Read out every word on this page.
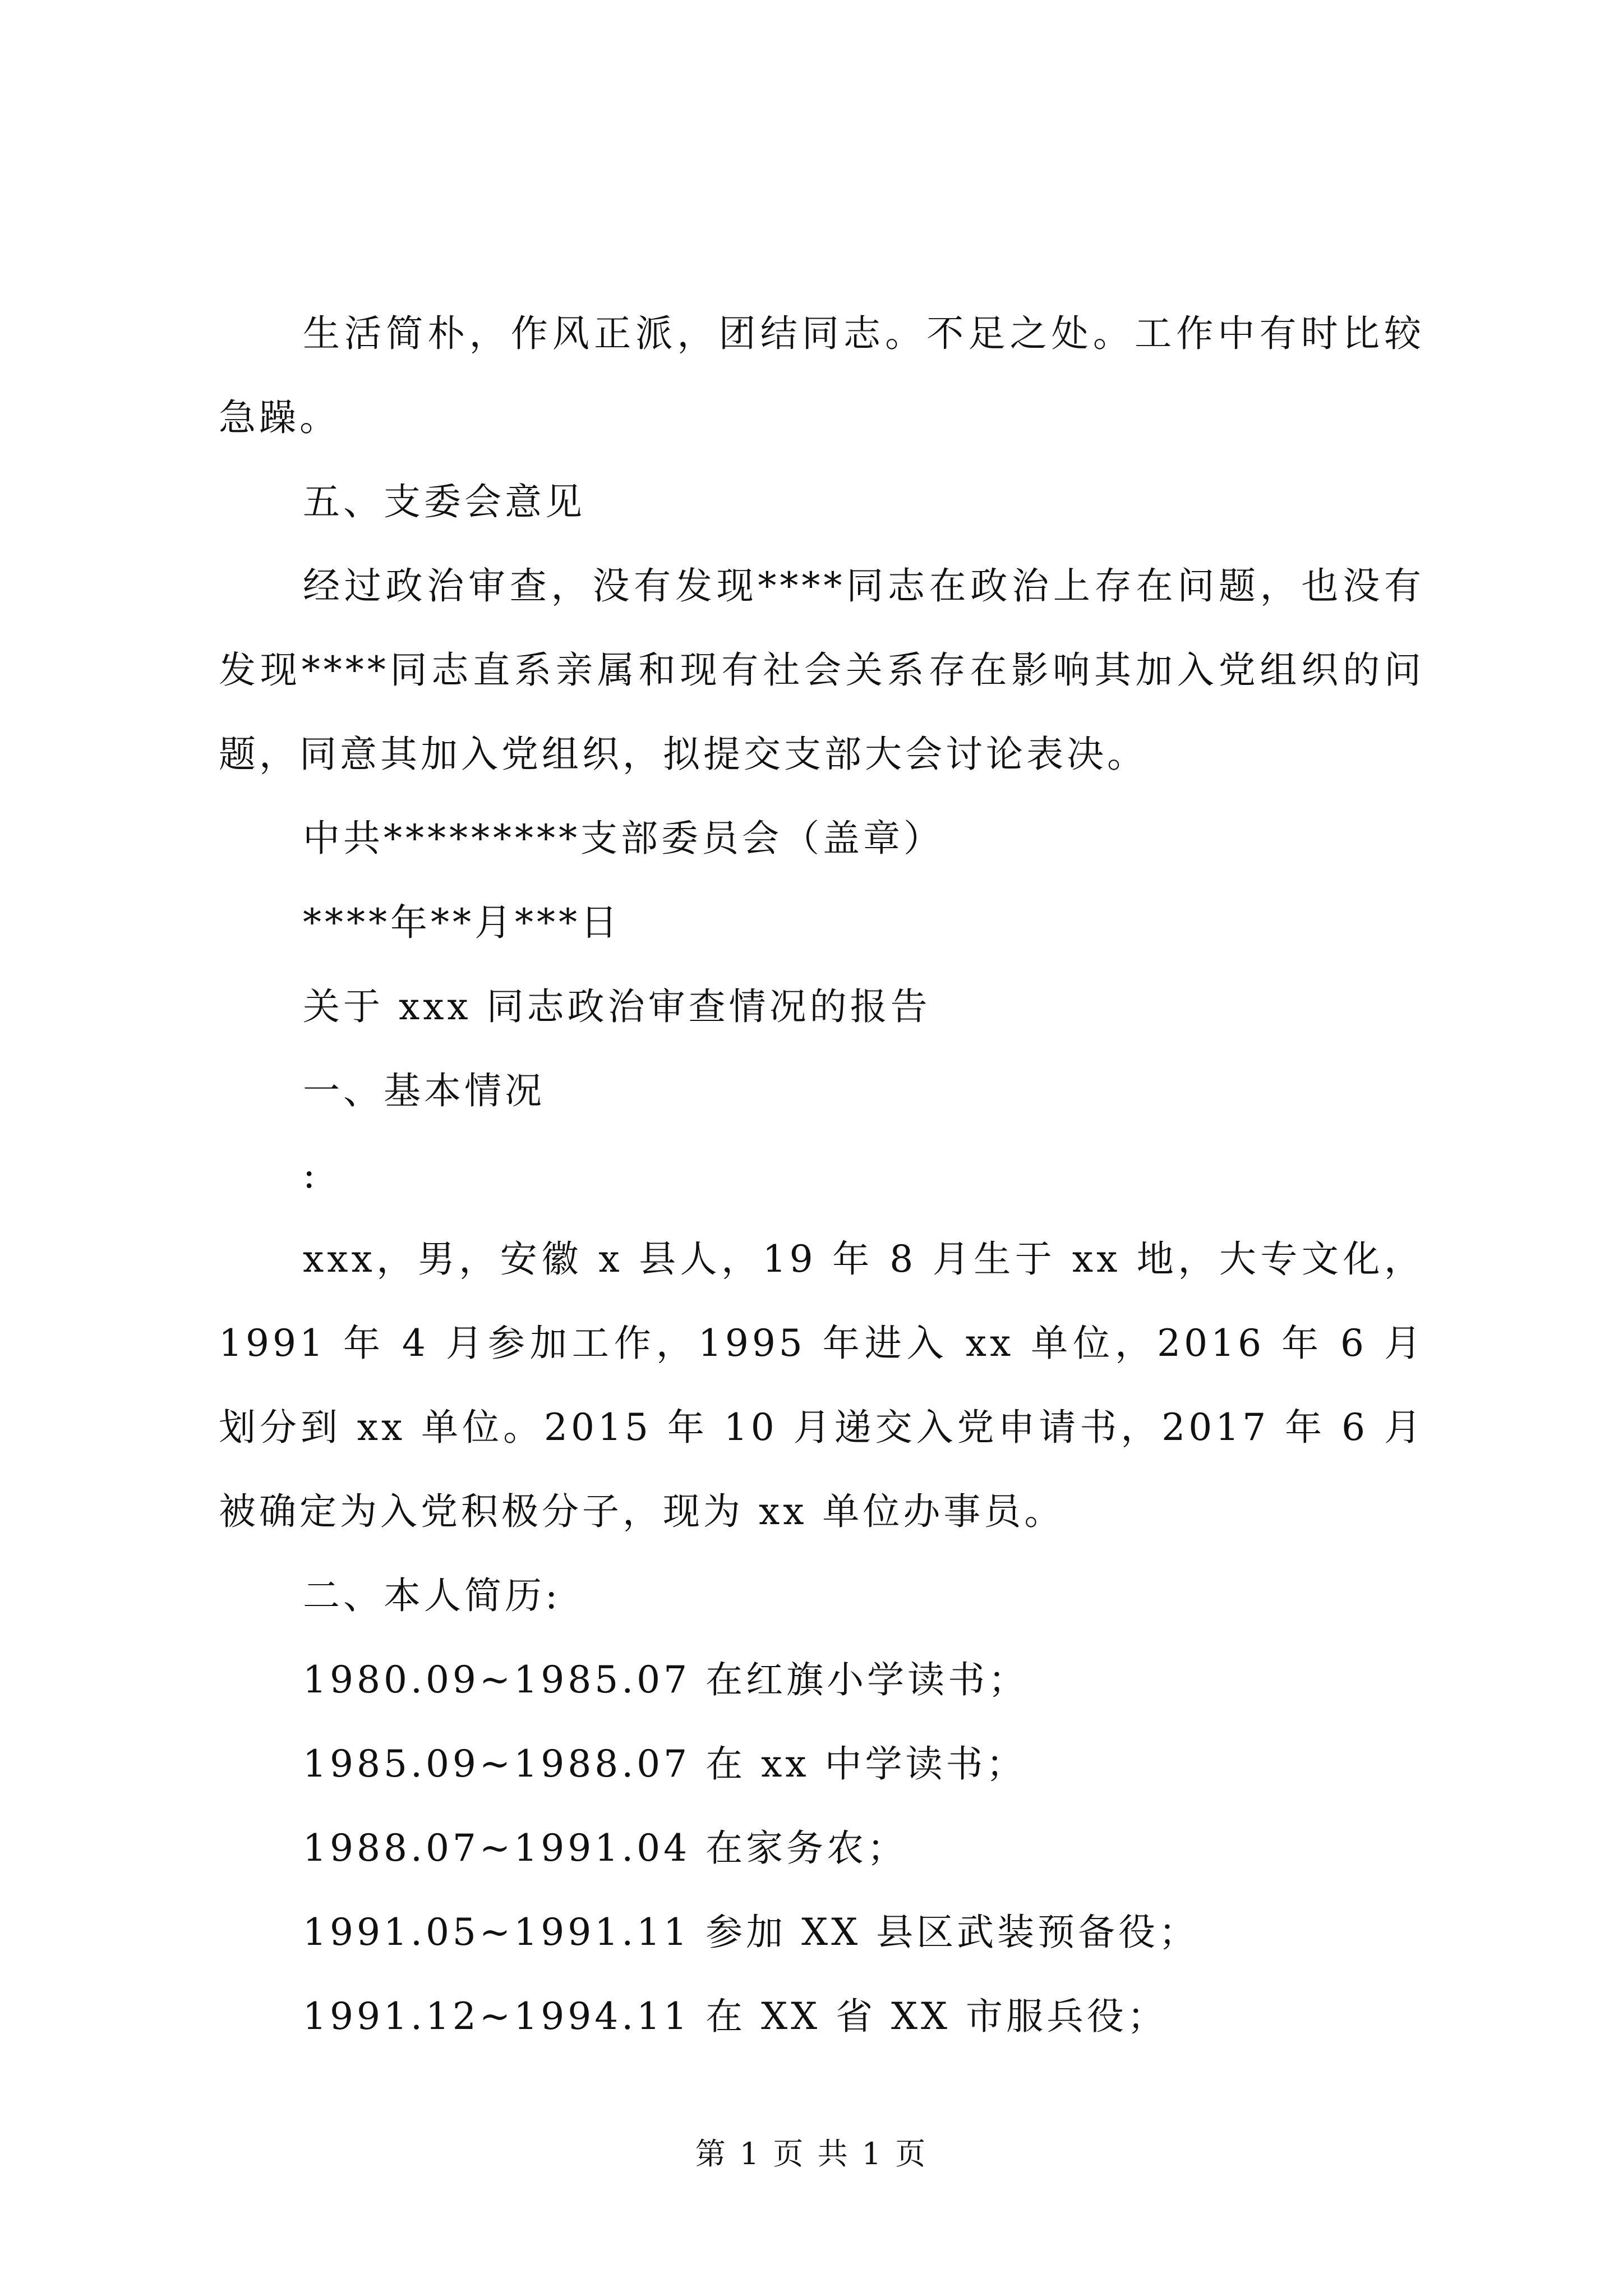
生活简朴，作风正派，团结同志。不足之处。工作中有时比较急躁。

五、支委会意见

经过政治审查，没有发现****同志在政治上存在问题，也没有发现****同志直系亲属和现有社会关系存在影响其加入党组织的问题，同意其加入党组织，拟提交支部大会讨论表决。

中共*********支部委员会（盖章）

****年**月***日

关于 xxx 同志政治审查情况的报告

一、基本情况

:

xxx，男，安徽 x 县人，19 年 8 月生于 xx 地，大专文化，1991 年 4 月参加工作，1995 年进入 xx 单位，2016 年 6 月划分到 xx 单位。2015 年 10 月递交入党申请书，2017 年 6 月被确定为入党积极分子，现为 xx 单位办事员。

二、本人简历:

1980.09~1985.07 在红旗小学读书；

1985.09~1988.07 在 xx 中学读书；

1988.07~1991.04 在家务农；

1991.05~1991.11 参加 XX 县区武装预备役；

1991.12~1994.11 在 XX 省 XX 市服兵役；

第 1 页 共 1 页
